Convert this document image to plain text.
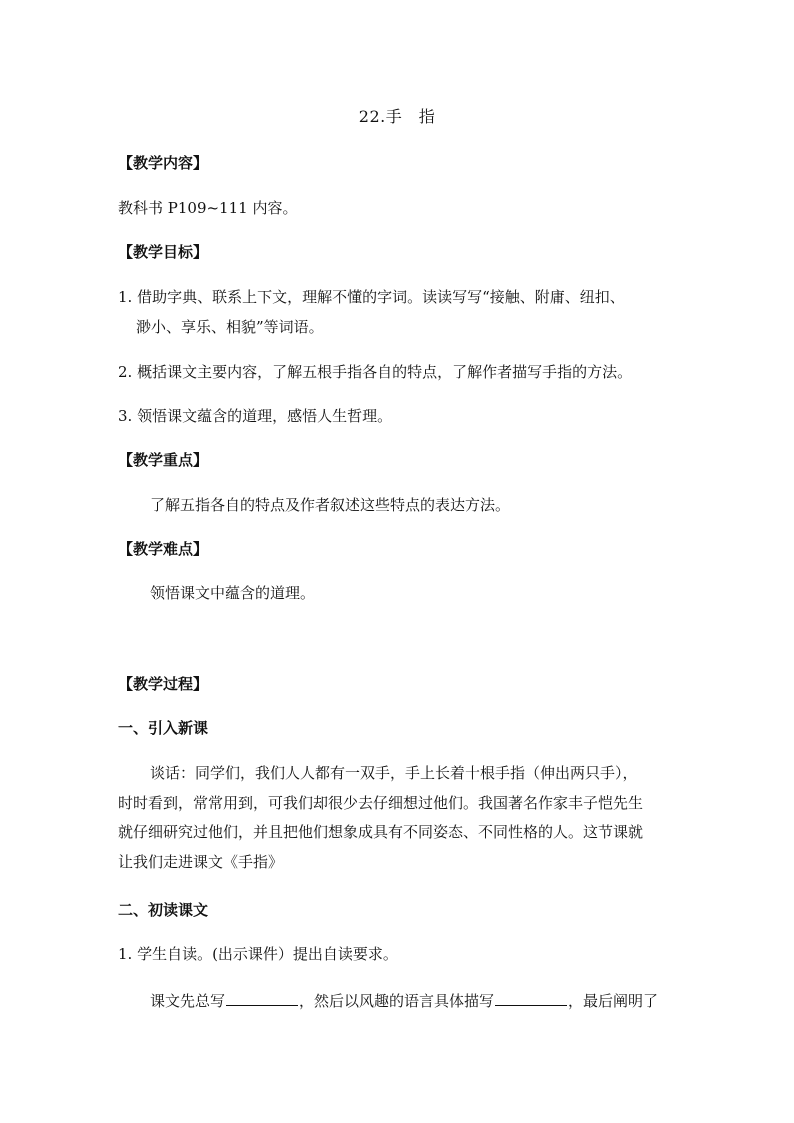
22.手　指
【教学内容】
教科书 P109~111 内容。
【教学目标】
1. 借助字典、联系上下文，理解不懂的字词。读读写写“接触、附庸、纽扣、
渺小、享乐、相貌”等词语。
2. 概括课文主要内容，了解五根手指各自的特点，了解作者描写手指的方法。
3. 领悟课文蕴含的道理，感悟人生哲理。
【教学重点】
了解五指各自的特点及作者叙述这些特点的表达方法。
【教学难点】
领悟课文中蕴含的道理。
【教学过程】
一、引入新课
谈话：同学们，我们人人都有一双手，手上长着十根手指（伸出两只手），
时时看到，常常用到，可我们却很少去仔细想过他们。我国著名作家丰子恺先生
就仔细研究过他们，并且把他们想象成具有不同姿态、不同性格的人。这节课就
让我们走进课文《手指》
二、初读课文
1. 学生自读。(出示课件）提出自读要求。
课文先总写	，然后以风趣的语言具体描写	，最后阐明了
